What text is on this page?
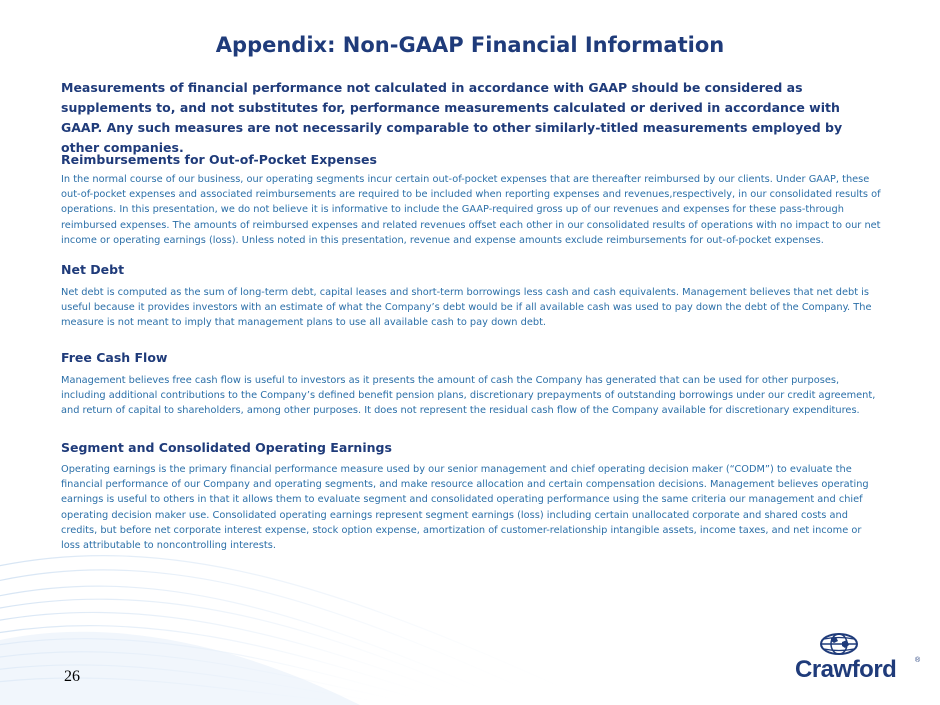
Appendix: Non-GAAP Financial Information

Measurements of financial performance not calculated in accordance with GAAP should be considered as supplements to, and not substitutes for, performance measurements calculated or derived in accordance with GAAP. Any such measures are not necessarily comparable to other similarly-titled measurements employed by other companies.

Reimbursements for Out-of-Pocket Expenses

In the normal course of our business, our operating segments incur certain out-of-pocket expenses that are thereafter reimbursed by our clients. Under GAAP, these out-of-pocket expenses and associated reimbursements are required to be included when reporting expenses and revenues,respectively, in our consolidated results of operations. In this presentation, we do not believe it is informative to include the GAAP-required gross up of our revenues and expenses for these pass-through reimbursed expenses. The amounts of reimbursed expenses and related revenues offset each other in our consolidated results of operations with no impact to our net income or operating earnings (loss). Unless noted in this presentation, revenue and expense amounts exclude reimbursements for out-of-pocket expenses.

Net Debt

Net debt is computed as the sum of long-term debt, capital leases and short-term borrowings less cash and cash equivalents. Management believes that net debt is useful because it provides investors with an estimate of what the Company’s debt would be if all available cash was used to pay down the debt of the Company. The measure is not meant to imply that management plans to use all available cash to pay down debt.

Free Cash Flow

Management believes free cash flow is useful to investors as it presents the amount of cash the Company has generated that can be used for other purposes, including additional contributions to the Company’s defined benefit pension plans, discretionary prepayments of outstanding borrowings under our credit agreement, and return of capital to shareholders, among other purposes. It does not represent the residual cash flow of the Company available for discretionary expenditures.

Segment and Consolidated Operating Earnings

Operating earnings is the primary financial performance measure used by our senior management and chief operating decision maker (“CODM”) to evaluate the financial performance of our Company and operating segments, and make resource allocation and certain compensation decisions. Management believes operating earnings is useful to others in that it allows them to evaluate segment and consolidated operating performance using the same criteria our management and chief operating decision maker use. Consolidated operating earnings represent segment earnings (loss) including certain unallocated corporate and shared costs and credits, but before net corporate interest expense, stock option expense, amortization of customer-relationship intangible assets, income taxes, and net income or loss attributable to noncontrolling interests.

26	Crawford	®
